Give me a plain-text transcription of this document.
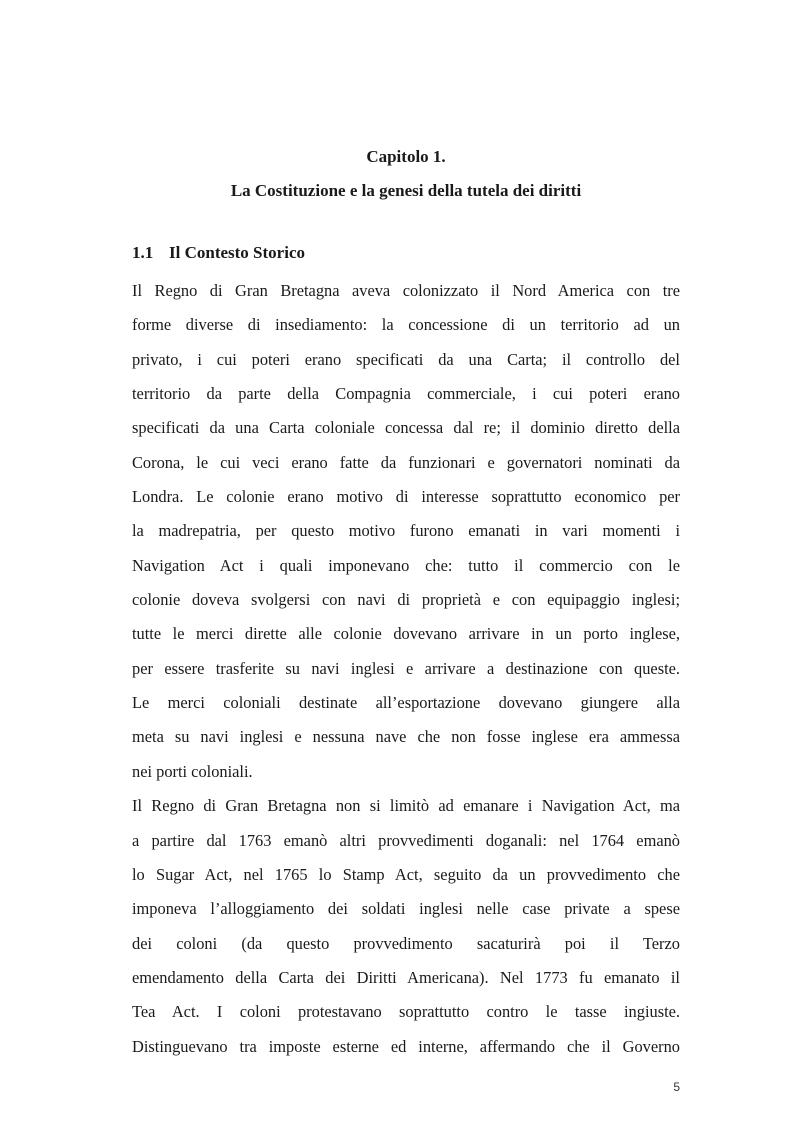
Capitolo 1.
La Costituzione e la genesi della tutela dei diritti
1.1 Il Contesto Storico
Il Regno di Gran Bretagna aveva colonizzato il Nord America con tre
forme diverse di insediamento: la concessione di un territorio ad un
privato, i cui poteri erano specificati da una Carta; il controllo del
territorio da parte della Compagnia commerciale, i cui poteri erano
specificati da una Carta coloniale concessa dal re; il dominio diretto della
Corona, le cui veci erano fatte da funzionari e governatori nominati da
Londra. Le colonie erano motivo di interesse soprattutto economico per
la madrepatria, per questo motivo furono emanati in vari momenti i
Navigation Act i quali imponevano che: tutto il commercio con le
colonie doveva svolgersi con navi di proprietà e con equipaggio inglesi;
tutte le merci dirette alle colonie dovevano arrivare in un porto inglese,
per essere trasferite su navi inglesi e arrivare a destinazione con queste.
Le merci coloniali destinate all’esportazione dovevano giungere alla
meta su navi inglesi e nessuna nave che non fosse inglese era ammessa
nei porti coloniali.
Il Regno di Gran Bretagna non si limitò ad emanare i Navigation Act, ma
a partire dal 1763 emanò altri provvedimenti doganali: nel 1764 emanò
lo Sugar Act, nel 1765 lo Stamp Act, seguito da un provvedimento che
imponeva l’alloggiamento dei soldati inglesi nelle case private a spese
dei coloni (da questo provvedimento sacaturirà poi il Terzo
emendamento della Carta dei Diritti Americana). Nel 1773 fu emanato il
Tea Act. I coloni protestavano soprattutto contro le tasse ingiuste.
Distinguevano tra imposte esterne ed interne, affermando che il Governo
5
